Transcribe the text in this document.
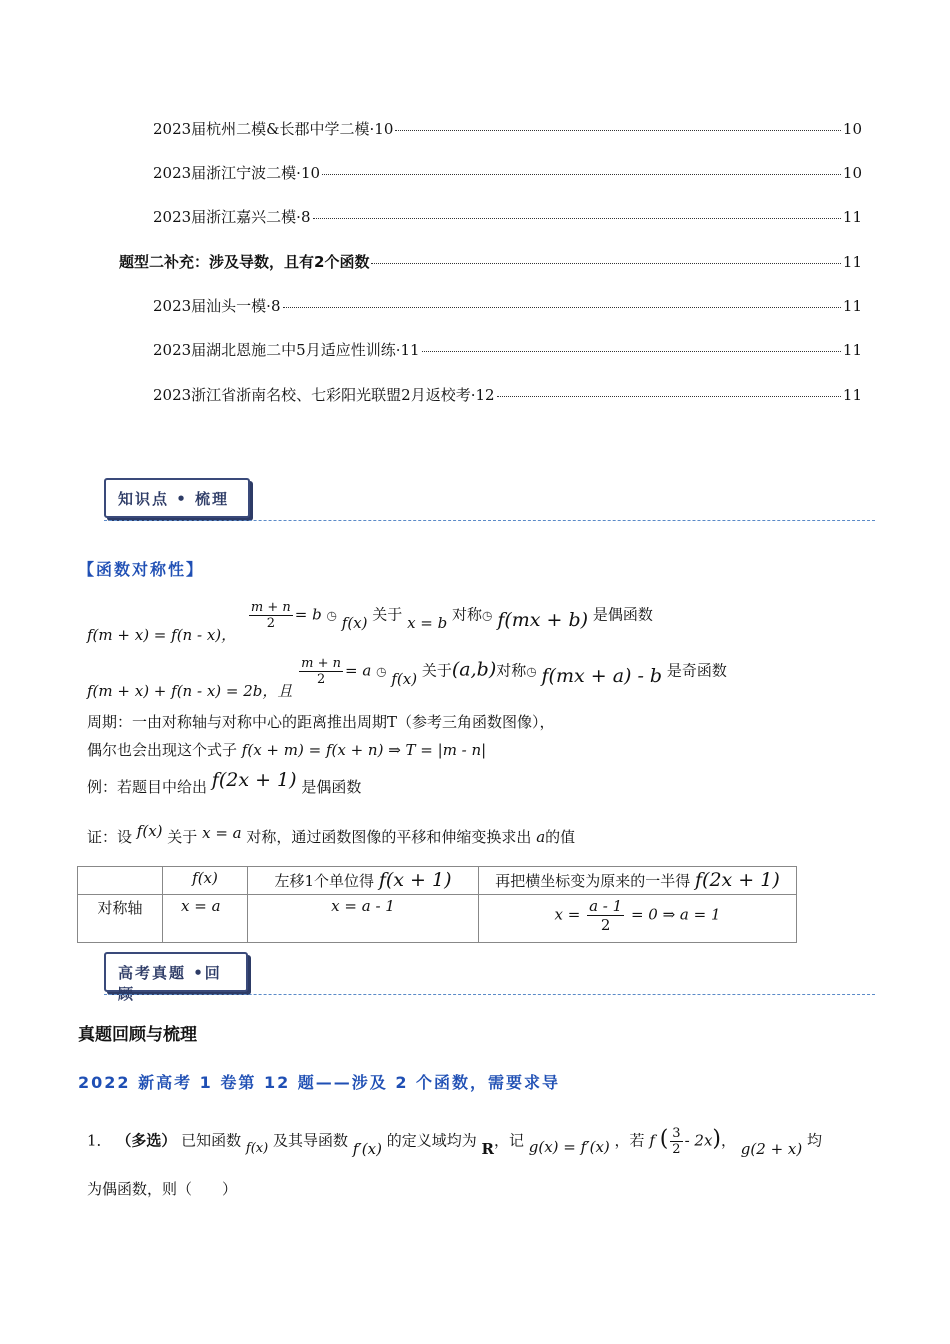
2023届杭州二模&长郡中学二模·10	10
2023届浙江宁波二模·10	10
2023届浙江嘉兴二模·8	11
题型二补充：涉及导数，且有2个函数	11
2023届汕头一模·8	11
2023届湖北恩施二中5月适应性训练·11	11
2023浙江省浙南名校、七彩阳光联盟2月返校考·12	11
知识点 • 梳理
【函数对称性】
f(m + x) = f(n - x)，
$\frac{m + n}{2} = b$ ◷ f(x) 关于 x = b 对称◷ f(mx + b) 是偶函数
f(m + x) + f(n - x) = 2b，且
$\frac{m + n}{2} = a$ ◷ f(x) 关于(a,b)对称◷ f(mx + a) - b 是奇函数
周期：一由对称轴与对称中心的距离推出周期T（参考三角函数图像），
偶尔也会出现这个式子 f(x + m) = f(x + n) ⇒ T = |m - n|
例：若题目中给出 f(2x + 1) 是偶函数
证：设 f(x) 关于 x = a 对称，通过函数图像的平移和伸缩变换求出 a的值
	f(x)	左移1个单位得 f(x + 1)	再把横坐标变为原来的一半得 f(2x + 1)
对称轴	x = a	x = a - 1	$x = \frac{a - 1}{2} = 0$ ⇒ a = 1
高考真题 •回顾
真题回顾与梳理
2022 新高考 1 卷第 12 题——涉及 2 个函数，需要求导
1． （多选） 已知函数 f(x) 及其导函数 f′(x) 的定义域均为 R，记 g(x) = f′(x) ，若 f ( $\frac{3}{2} - 2x$)， g(2 + x) 均
为偶函数，则（　　）
